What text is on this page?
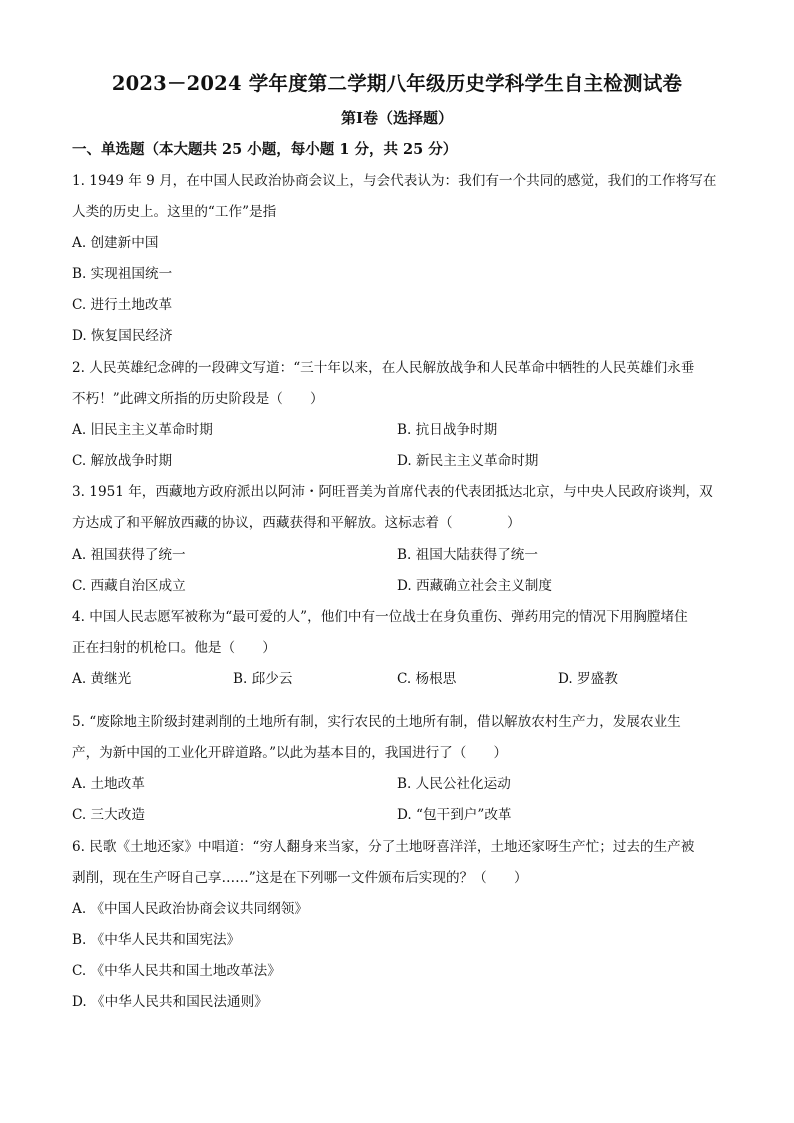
2023－2024 学年度第二学期八年级历史学科学生自主检测试卷
第Ⅰ卷（选择题）
一、单选题（本大题共 25 小题，每小题 1 分，共 25 分）
1. 1949 年 9 月，在中国人民政治协商会议上，与会代表认为：我们有一个共同的感觉，我们的工作将写在
人类的历史上。这里的“工作”是指
A. 创建新中国
B. 实现祖国统一
C. 进行土地改革
D. 恢复国民经济
2. 人民英雄纪念碑的一段碑文写道：“三十年以来，在人民解放战争和人民革命中牺牲的人民英雄们永垂
不朽！”此碑文所指的历史阶段是（　　）
A. 旧民主主义革命时期	B. 抗日战争时期
C. 解放战争时期	D. 新民主主义革命时期
3. 1951 年，西藏地方政府派出以阿沛・阿旺晋美为首席代表的代表团抵达北京，与中央人民政府谈判，双
方达成了和平解放西藏的协议，西藏获得和平解放。这标志着（　　　　）
A. 祖国获得了统一	B. 祖国大陆获得了统一
C. 西藏自治区成立	D. 西藏确立社会主义制度
4. 中国人民志愿军被称为“最可爱的人”，他们中有一位战士在身负重伤、弹药用完的情况下用胸膛堵住
正在扫射的机枪口。他是（　　）
A. 黄继光	B. 邱少云	C. 杨根思	D. 罗盛教
5. “废除地主阶级封建剥削的土地所有制，实行农民的土地所有制，借以解放农村生产力，发展农业生
产，为新中国的工业化开辟道路。”以此为基本目的，我国进行了（　　）
A. 土地改革	B. 人民公社化运动
C. 三大改造	D. “包干到户”改革
6. 民歌《土地还家》中唱道：“穷人翻身来当家，分了土地呀喜洋洋，土地还家呀生产忙；过去的生产被
剥削，现在生产呀自己享……”这是在下列哪一文件颁布后实现的？（　　）
A. 《中国人民政治协商会议共同纲领》
B. 《中华人民共和国宪法》
C. 《中华人民共和国土地改革法》
D. 《中华人民共和国民法通则》
